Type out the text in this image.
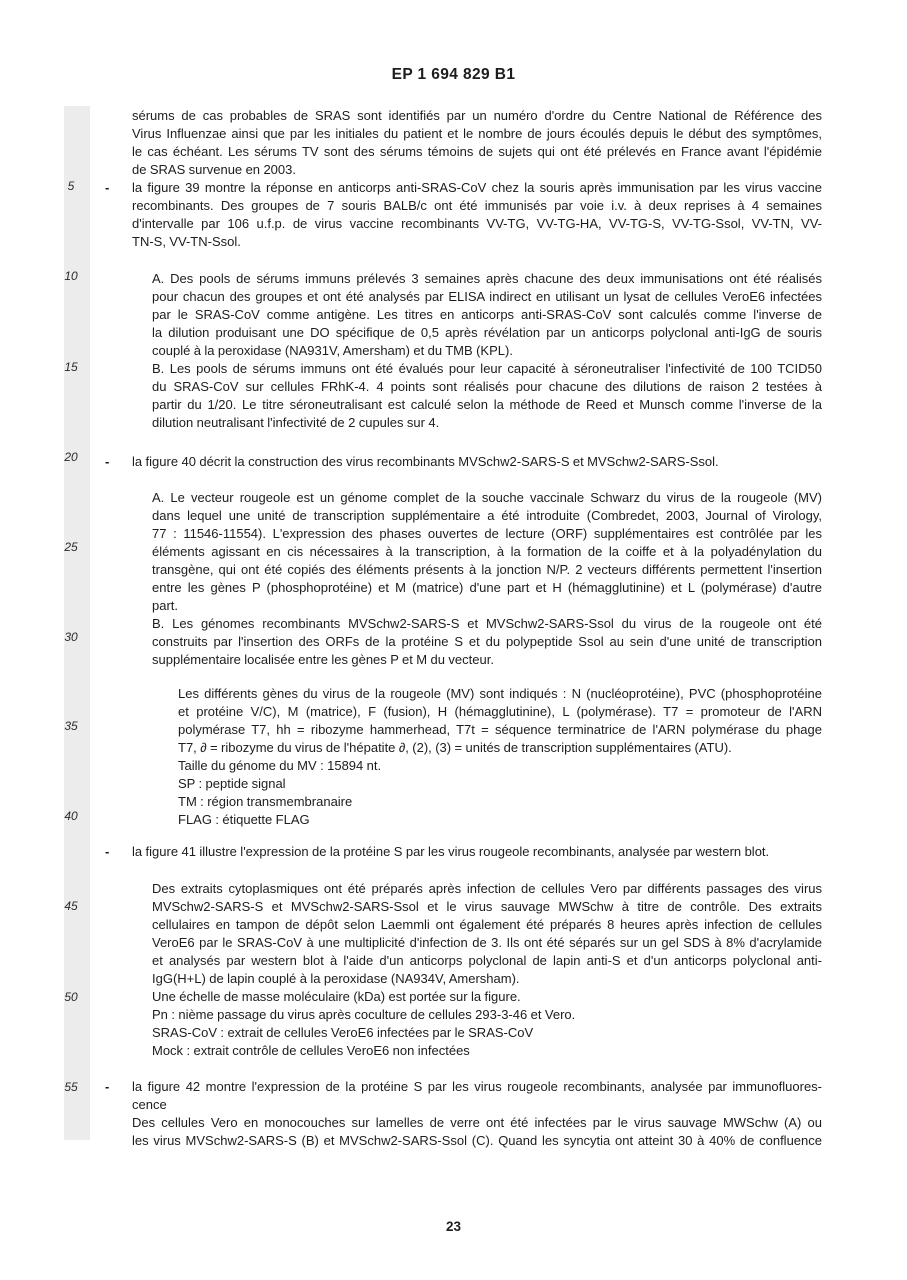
EP 1 694 829 B1
5
10
15
20
25
30
35
40
45
50
55
sérums de cas probables de SRAS sont identifiés par un numéro d'ordre du Centre National de Référence des
Virus Influenzae ainsi que par les initiales du patient et le nombre de jours écoulés depuis le début des symptômes,
le cas échéant. Les sérums TV sont des sérums témoins de sujets qui ont été prélevés en France avant l'épidémie
de SRAS survenue en 2003.
- la figure 39 montre la réponse en anticorps anti-SRAS-CoV chez la souris après immunisation par les virus vaccine
recombinants. Des groupes de 7 souris BALB/c ont été immunisés par voie i.v. à deux reprises à 4 semaines
d'intervalle par 106 u.f.p. de virus vaccine recombinants VV-TG, VV-TG-HA, VV-TG-S, VV-TG-Ssol, VV-TN, VV-
TN-S, VV-TN-Ssol.
A. Des pools de sérums immuns prélevés 3 semaines après chacune des deux immunisations ont été réalisés
pour chacun des groupes et ont été analysés par ELISA indirect en utilisant un lysat de cellules VeroE6 infectées
par le SRAS-CoV comme antigène. Les titres en anticorps anti-SRAS-CoV sont calculés comme l'inverse de
la dilution produisant une DO spécifique de 0,5 après révélation par un anticorps polyclonal anti-IgG de souris
couplé à la peroxidase (NA931V, Amersham) et du TMB (KPL).
B. Les pools de sérums immuns ont été évalués pour leur capacité à séroneutraliser l'infectivité de 100 TCID50
du SRAS-CoV sur cellules FRhK-4. 4 points sont réalisés pour chacune des dilutions de raison 2 testées à
partir du 1/20. Le titre séroneutralisant est calculé selon la méthode de Reed et Munsch comme l'inverse de la
dilution neutralisant l'infectivité de 2 cupules sur 4.
- la figure 40 décrit la construction des virus recombinants MVSchw2-SARS-S et MVSchw2-SARS-Ssol.
A. Le vecteur rougeole est un génome complet de la souche vaccinale Schwarz du virus de la rougeole (MV)
dans lequel une unité de transcription supplémentaire a été introduite (Combredet, 2003, Journal of Virology,
77 : 11546-11554). L'expression des phases ouvertes de lecture (ORF) supplémentaires est contrôlée par les
éléments agissant en cis nécessaires à la transcription, à la formation de la coiffe et à la polyadénylation du
transgène, qui ont été copiés des éléments présents à la jonction N/P. 2 vecteurs différents permettent l'insertion
entre les gènes P (phosphoprotéine) et M (matrice) d'une part et H (hémagglutinine) et L (polymérase) d'autre
part.
B. Les génomes recombinants MVSchw2-SARS-S et MVSchw2-SARS-Ssol du virus de la rougeole ont été
construits par l'insertion des ORFs de la protéine S et du polypeptide Ssol au sein d'une unité de transcription
supplémentaire localisée entre les gènes P et M du vecteur.
Les différents gènes du virus de la rougeole (MV) sont indiqués : N (nucléoprotéine), PVC (phosphoprotéine
et protéine V/C), M (matrice), F (fusion), H (hémagglutinine), L (polymérase). T7 = promoteur de l'ARN
polymérase T7, hh = ribozyme hammerhead, T7t = séquence terminatrice de l'ARN polymérase du phage
T7, ∂ = ribozyme du virus de l'hépatite ∂, (2), (3) = unités de transcription supplémentaires (ATU).
Taille du génome du MV : 15894 nt.
SP : peptide signal
TM : région transmembranaire
FLAG : étiquette FLAG
- la figure 41 illustre l'expression de la protéine S par les virus rougeole recombinants, analysée par western blot.
Des extraits cytoplasmiques ont été préparés après infection de cellules Vero par différents passages des virus
MVSchw2-SARS-S et MVSchw2-SARS-Ssol et le virus sauvage MWSchw à titre de contrôle. Des extraits
cellulaires en tampon de dépôt selon Laemmli ont également été préparés 8 heures après infection de cellules
VeroE6 par le SRAS-CoV à une multiplicité d'infection de 3. Ils ont été séparés sur un gel SDS à 8% d'acrylamide
et analysés par western blot à l'aide d'un anticorps polyclonal de lapin anti-S et d'un anticorps polyclonal anti-
IgG(H+L) de lapin couplé à la peroxidase (NA934V, Amersham).
Une échelle de masse moléculaire (kDa) est portée sur la figure.
Pn : nième passage du virus après coculture de cellules 293-3-46 et Vero.
SRAS-CoV : extrait de cellules VeroE6 infectées par le SRAS-CoV
Mock : extrait contrôle de cellules VeroE6 non infectées
- la figure 42 montre l'expression de la protéine S par les virus rougeole recombinants, analysée par immunofluores-
cence
Des cellules Vero en monocouches sur lamelles de verre ont été infectées par le virus sauvage MWSchw (A) ou
les virus MVSchw2-SARS-S (B) et MVSchw2-SARS-Ssol (C). Quand les syncytia ont atteint 30 à 40% de confluence
23
